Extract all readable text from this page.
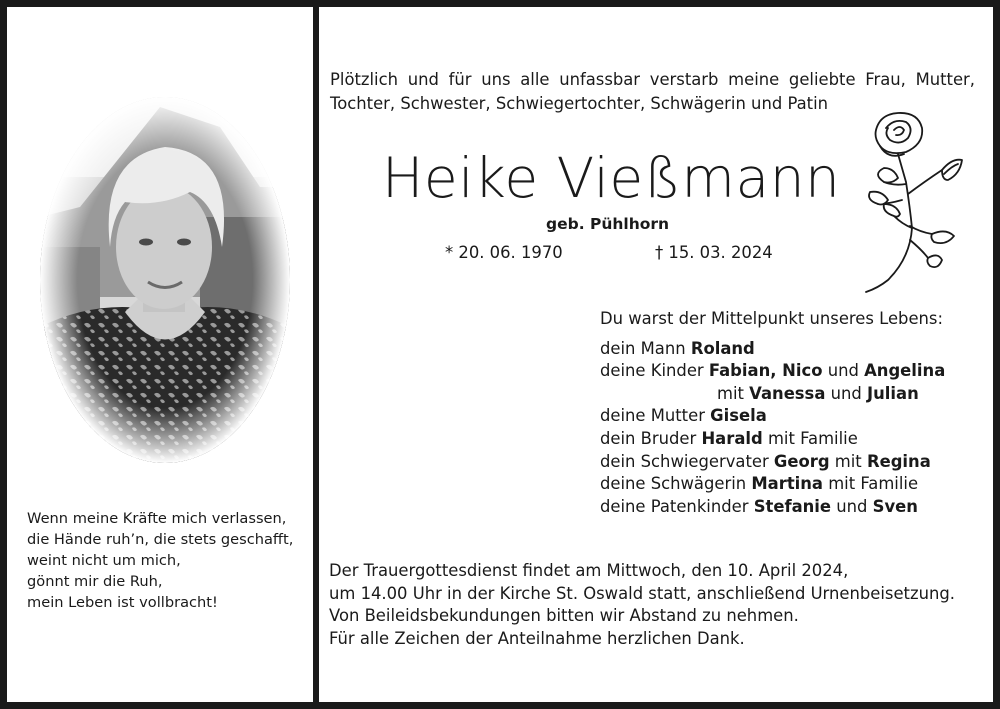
Wenn meine Kräfte mich verlassen,
die Hände ruh’n, die stets geschafft,
weint nicht um mich,
gönnt mir die Ruh,
mein Leben ist vollbracht!
Plötzlich und für uns alle unfassbar verstarb meine geliebte Frau, Mutter,
Tochter, Schwester, Schwiegertochter, Schwägerin und Patin
Heike Vießmann
geb. Pühlhorn
* 20. 06. 1970	† 15. 03. 2024
Du warst der Mittelpunkt unseres Lebens:
dein Mann Roland
deine Kinder Fabian, Nico und Angelina
mit Vanessa und Julian
deine Mutter Gisela
dein Bruder Harald mit Familie
dein Schwiegervater Georg mit Regina
deine Schwägerin Martina mit Familie
deine Patenkinder Stefanie und Sven
Der Trauergottesdienst findet am Mittwoch, den 10. April 2024,
um 14.00 Uhr in der Kirche St. Oswald statt, anschließend Urnenbeisetzung.
Von Beileidsbekundungen bitten wir Abstand zu nehmen.
Für alle Zeichen der Anteilnahme herzlichen Dank.
